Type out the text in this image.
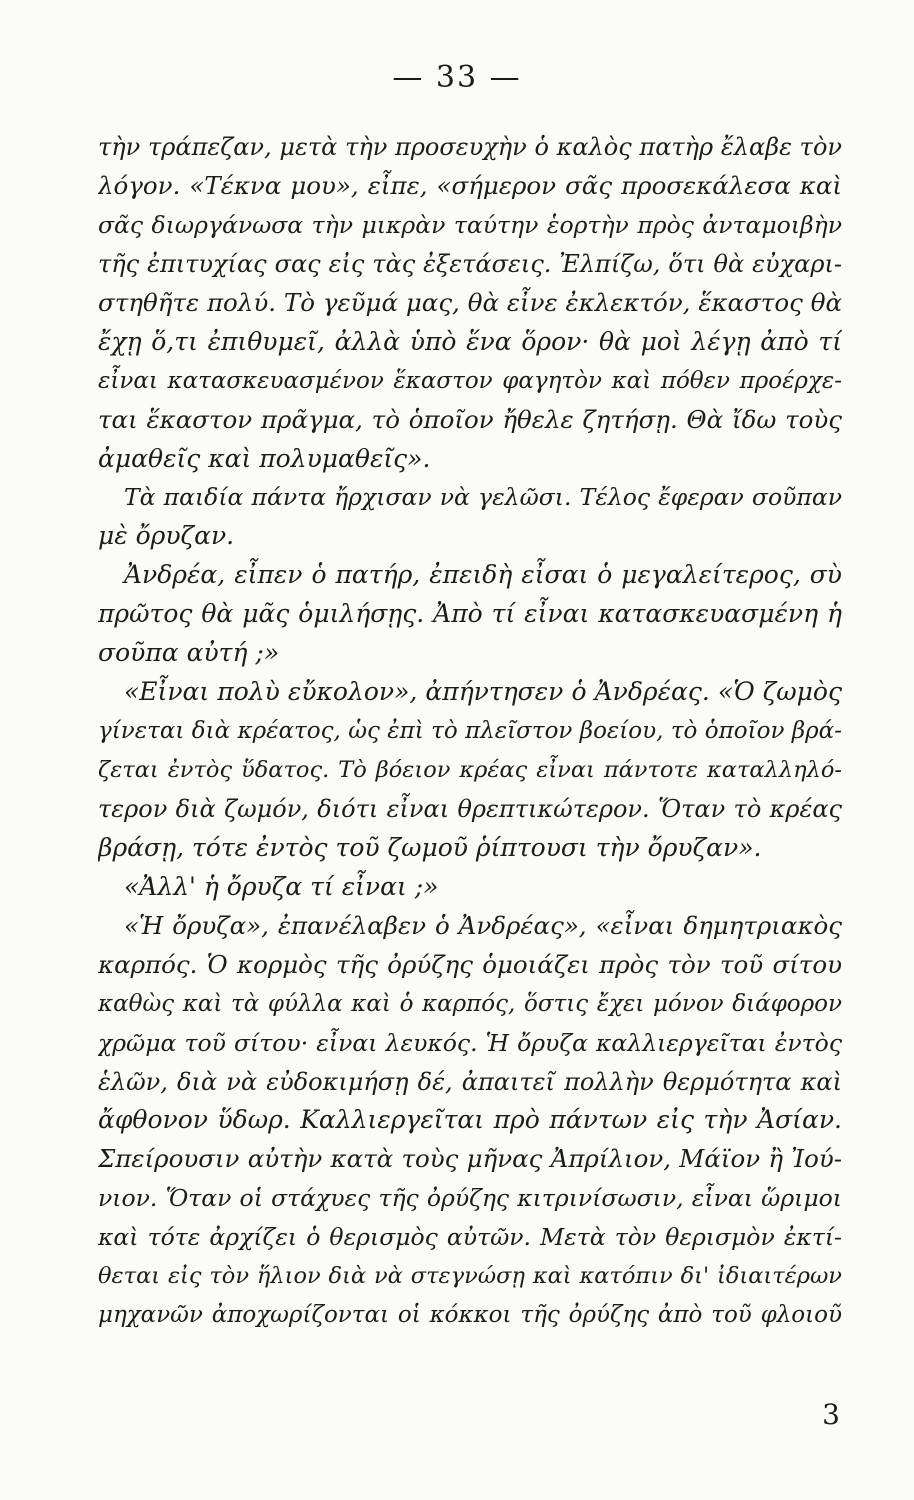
— 33 —
τὴν τράπεζαν, μετὰ τὴν προσευχὴν ὁ καλὸς πατὴρ ἔλαβε τὸν
λόγον. «Τέκνα μου», εἶπε, «σήμερον σᾶς προσεκάλεσα καὶ
σᾶς διωργάνωσα τὴν μικρὰν ταύτην ἑορτὴν πρὸς ἀνταμοιβὴν
τῆς ἐπιτυχίας σας εἰς τὰς ἐξετάσεις. Ἐλπίζω, ὅτι θὰ εὐχαρι-
στηθῆτε πολύ. Τὸ γεῦμά μας, θὰ εἶνε ἐκλεκτόν, ἕκαστος θὰ
ἔχῃ ὅ,τι ἐπιθυμεῖ, ἀλλὰ ὑπὸ ἕνα ὅρον· θὰ μοὶ λέγῃ ἀπὸ τί
εἶναι κατασκευασμένον ἕκαστον φαγητὸν καὶ πόθεν προέρχε-
ται ἕκαστον πρᾶγμα, τὸ ὁποῖον ἤθελε ζητήσῃ. Θὰ ἴδω τοὺς
ἀμαθεῖς καὶ πολυμαθεῖς».
Τὰ παιδία πάντα ἤρχισαν νὰ γελῶσι. Τέλος ἔφεραν σοῦπαν
μὲ ὄρυζαν.
Ἀνδρέα, εἶπεν ὁ πατήρ, ἐπειδὴ εἶσαι ὁ μεγαλείτερος, σὺ
πρῶτος θὰ μᾶς ὁμιλήσῃς. Ἀπὸ τί εἶναι κατασκευασμένη ἡ
σοῦπα αὐτή ;»
«Εἶναι πολὺ εὔκολον», ἀπήντησεν ὁ Ἀνδρέας. «Ὁ ζωμὸς
γίνεται διὰ κρέατος, ὡς ἐπὶ τὸ πλεῖστον βοείου, τὸ ὁποῖον βρά-
ζεται ἐντὸς ὕδατος. Τὸ βόειον κρέας εἶναι πάντοτε καταλληλό-
τερον διὰ ζωμόν, διότι εἶναι θρεπτικώτερον. Ὅταν τὸ κρέας
βράσῃ, τότε ἐντὸς τοῦ ζωμοῦ ῥίπτουσι τὴν ὄρυζαν».
«Ἀλλ' ἡ ὄρυζα τί εἶναι ;»
«Ἡ ὄρυζα», ἐπανέλαβεν ὁ Ἀνδρέας», «εἶναι δημητριακὸς
καρπός. Ὁ κορμὸς τῆς ὀρύζης ὁμοιάζει πρὸς τὸν τοῦ σίτου
καθὼς καὶ τὰ φύλλα καὶ ὁ καρπός, ὅστις ἔχει μόνον διάφορον
χρῶμα τοῦ σίτου· εἶναι λευκός. Ἡ ὄρυζα καλλιεργεῖται ἐντὸς
ἑλῶν, διὰ νὰ εὐδοκιμήσῃ δέ, ἀπαιτεῖ πολλὴν θερμότητα καὶ
ἄφθονον ὕδωρ. Καλλιεργεῖται πρὸ πάντων εἰς τὴν Ἀσίαν.
Σπείρουσιν αὐτὴν κατὰ τοὺς μῆνας Ἀπρίλιον, Μάϊον ἢ Ἰού-
νιον. Ὅταν οἱ στάχυες τῆς ὀρύζης κιτρινίσωσιν, εἶναι ὥριμοι
καὶ τότε ἀρχίζει ὁ θερισμὸς αὐτῶν. Μετὰ τὸν θερισμὸν ἐκτί-
θεται εἰς τὸν ἥλιον διὰ νὰ στεγνώσῃ καὶ κατόπιν δι' ἰδιαιτέρων
μηχανῶν ἀποχωρίζονται οἱ κόκκοι τῆς ὀρύζης ἀπὸ τοῦ φλοιοῦ
3
